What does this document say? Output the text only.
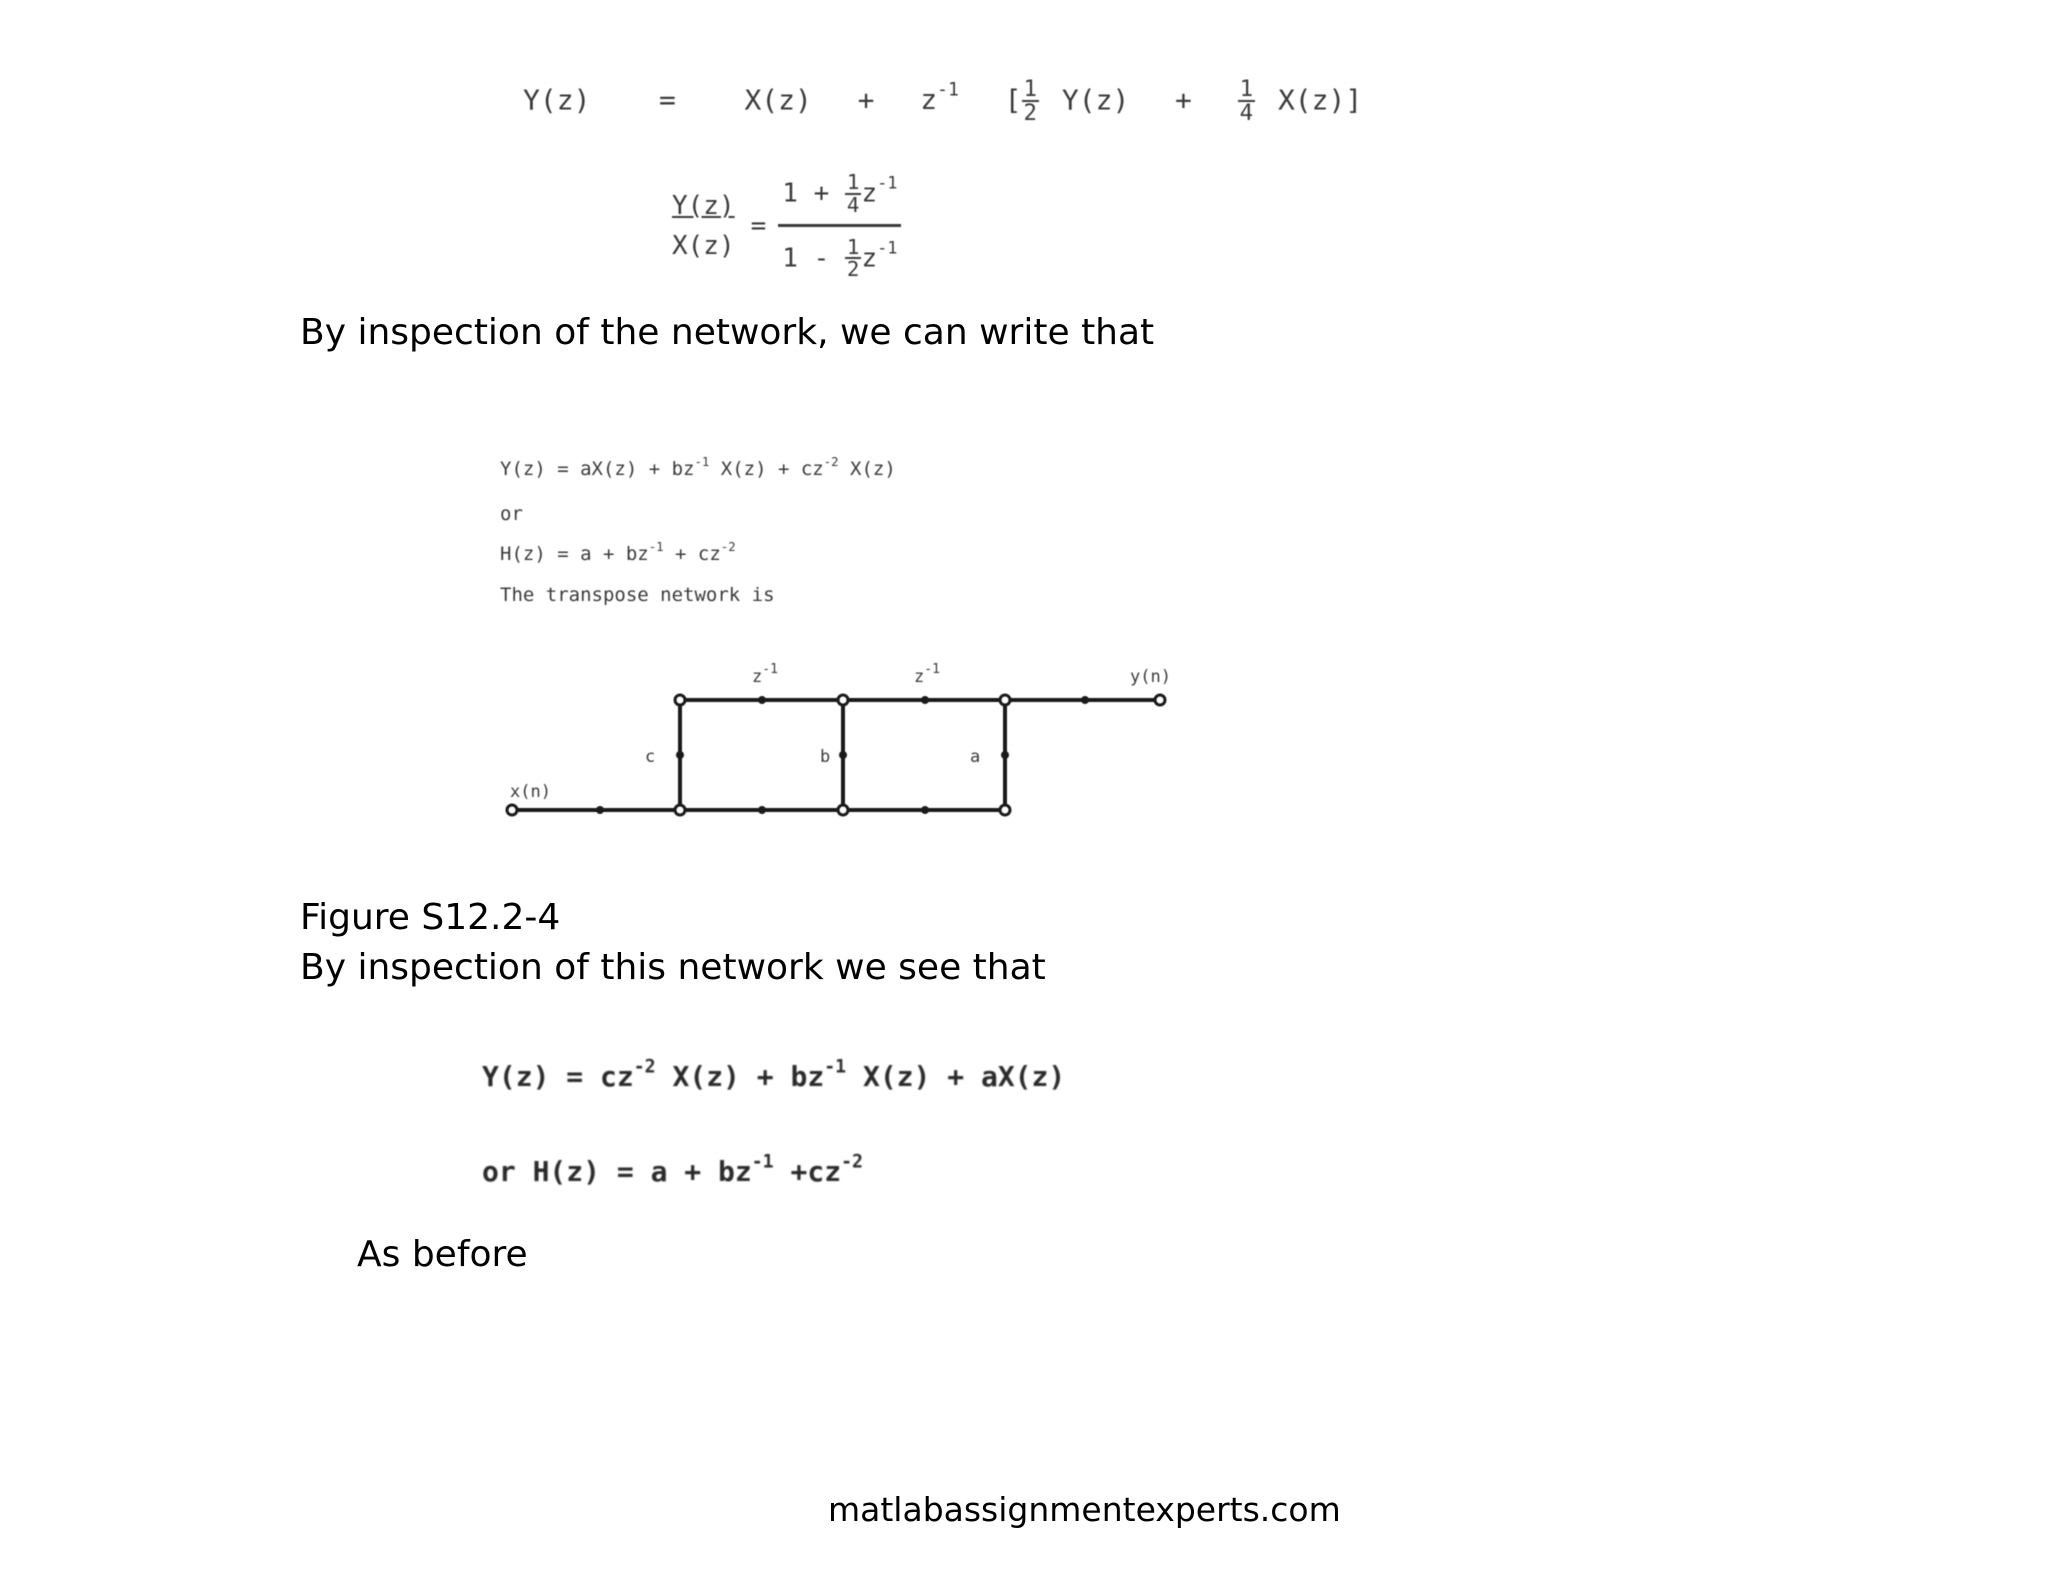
$Y(z) = X(z) + z^{-1}$ [ $\frac{1}{2} Y(z) + \frac{1}{4} X(z)$]
$\frac{Y(z)}{X(z)} = \frac{1 + \frac{1}{4} z^{-1}}{1 - \frac{1}{2} z^{-1}}$
By inspection of the network, we can write that
$Y(z) = aX(z) + bz^{-1}$ $X(z) + cz^{-2}$ X(z)
or
$H(z) = a + bz^{-1} + cz^{-2}$
The transpose network is
$z^{-1}$	$z^{-1}$	y(n)
x(n)
c	b	a
Figure S12.2-4
By inspection of this network we see that
$Y(z) = cz^{-2}$ $X(z) + bz^{-1}$ X(z) + aX(z)
or $H(z) = a + bz^{-1} +cz^{-2}$
As before
matlabassignmentexperts.com
